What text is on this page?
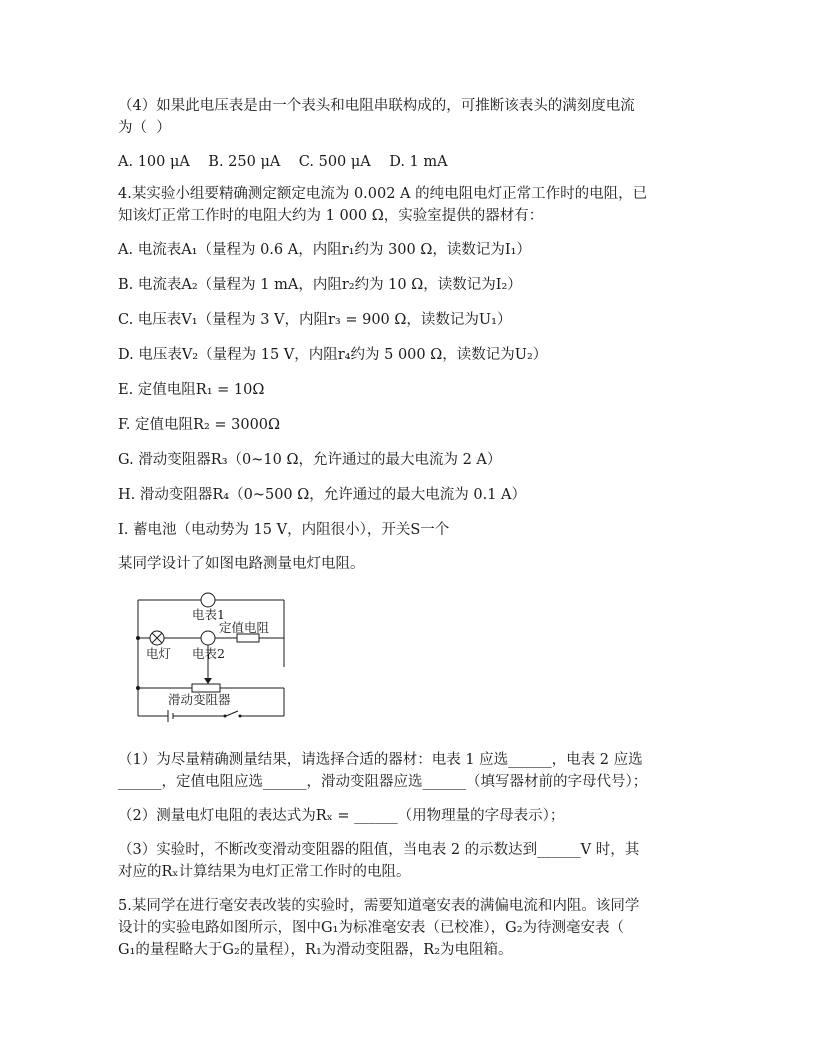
（4）如果此电压表是由一个表头和电阻串联构成的，可推断该表头的满刻度电流
为（  ）
A. 100 μA    B. 250 μA    C. 500 μA    D. 1 mA
4.某实验小组要精确测定额定电流为 0.002 A 的纯电阻电灯正常工作时的电阻，已
知该灯正常工作时的电阻大约为 1 000 Ω，实验室提供的器材有：
A. 电流表A₁（量程为 0.6 A，内阻r₁约为 300 Ω，读数记为I₁）
B. 电流表A₂（量程为 1 mA，内阻r₂约为 10 Ω，读数记为I₂）
C. 电压表V₁（量程为 3 V，内阻r₃ = 900 Ω，读数记为U₁）
D. 电压表V₂（量程为 15 V，内阻r₄约为 5 000 Ω，读数记为U₂）
E. 定值电阻R₁ = 10Ω
F. 定值电阻R₂ = 3000Ω
G. 滑动变阻器R₃（0~10 Ω，允许通过的最大电流为 2 A）
H. 滑动变阻器R₄（0~500 Ω，允许通过的最大电流为 0.1 A）
I. 蓄电池（电动势为 15 V，内阻很小），开关S一个
某同学设计了如图电路测量电灯电阻。
电表1
定值电阻
电灯 电表2
滑动变阻器
（1）为尽量精确测量结果，请选择合适的器材：电表 1 应选______，电表 2 应选
______，定值电阻应选______，滑动变阻器应选______（填写器材前的字母代号）；
（2）测量电灯电阻的表达式为Rₓ = ______（用物理量的字母表示）；
（3）实验时，不断改变滑动变阻器的阻值，当电表 2 的示数达到______V 时，其
对应的Rₓ计算结果为电灯正常工作时的电阻。
5.某同学在进行毫安表改装的实验时，需要知道毫安表的满偏电流和内阻。该同学
设计的实验电路如图所示，图中G₁为标准毫安表（已校准），G₂为待测毫安表（
G₁的量程略大于G₂的量程），R₁为滑动变阻器，R₂为电阻箱。
